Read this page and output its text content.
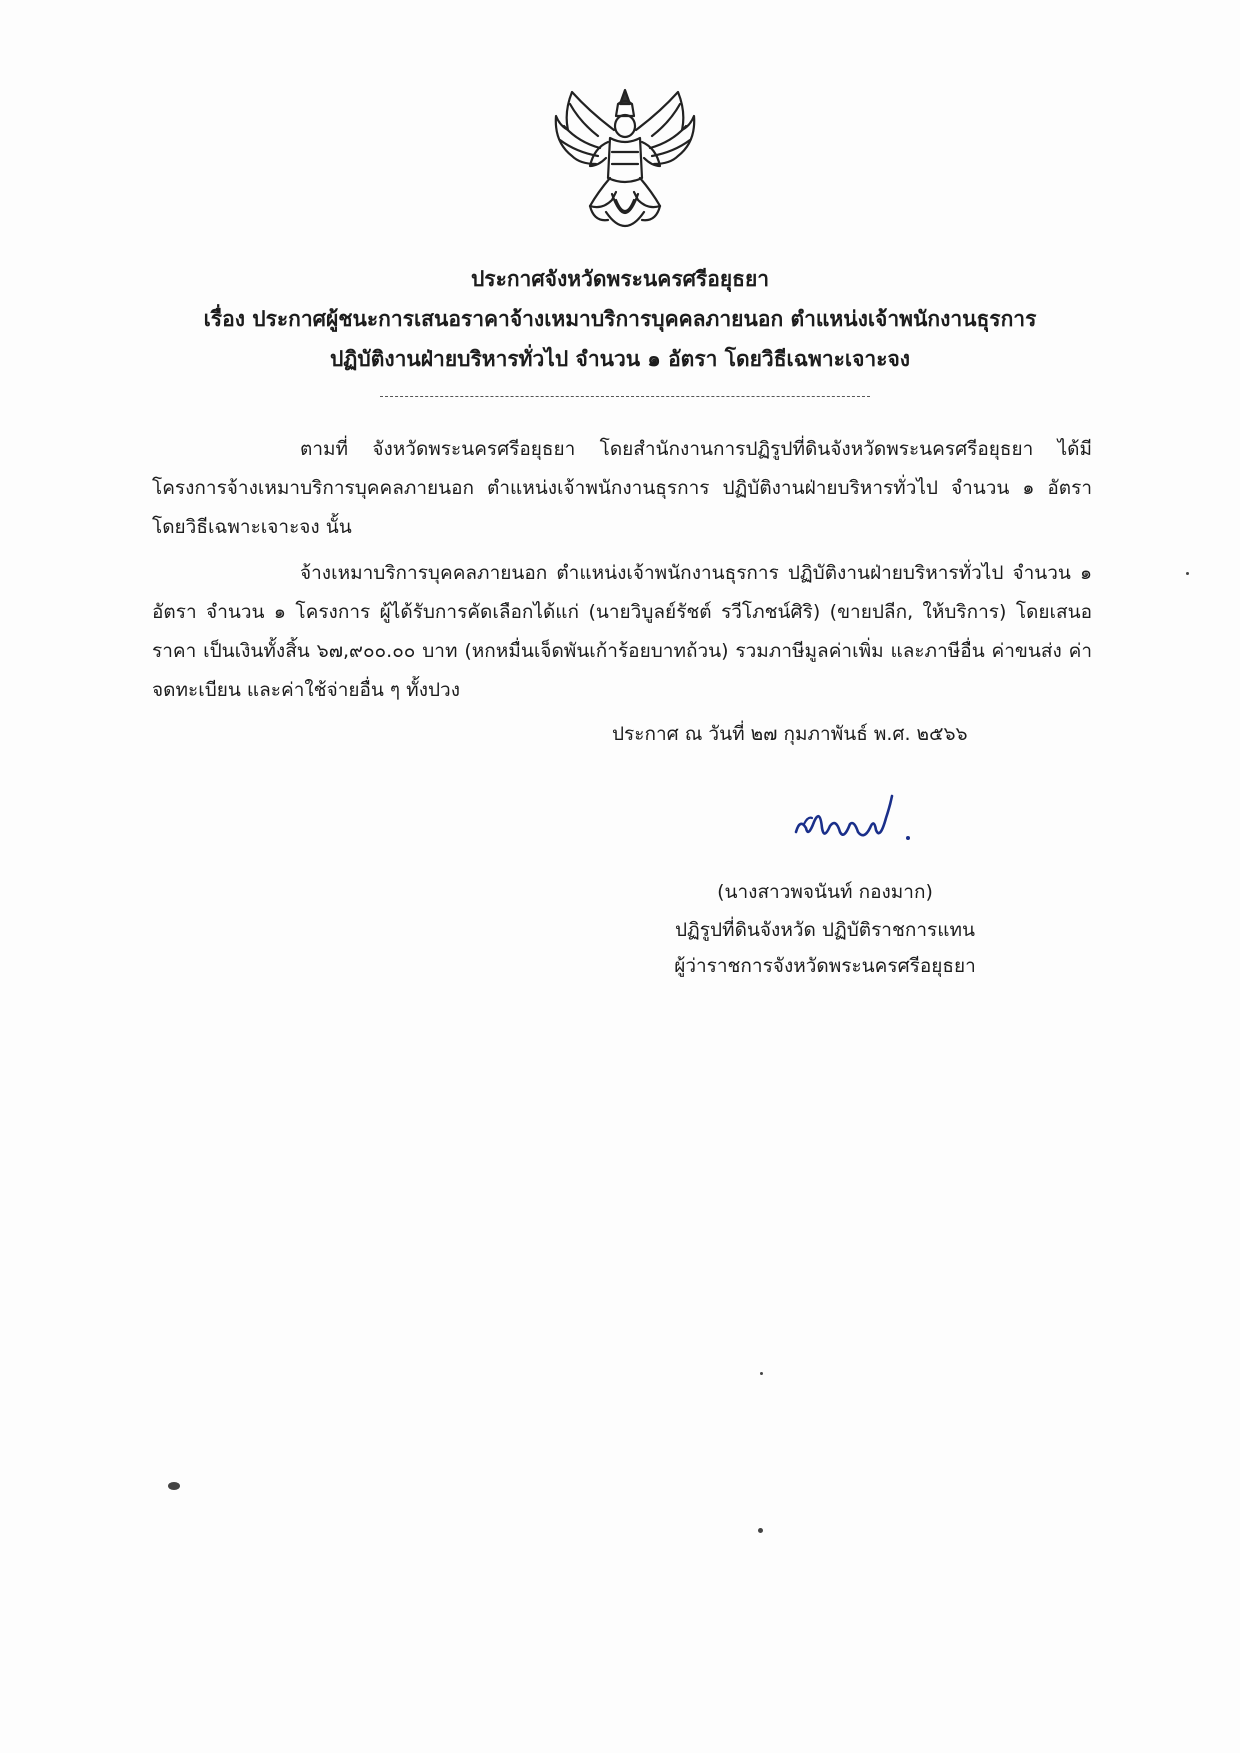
ประกาศจังหวัดพระนครศรีอยุธยา
เรื่อง ประกาศผู้ชนะการเสนอราคาจ้างเหมาบริการบุคคลภายนอก ตำแหน่งเจ้าพนักงานธุรการ
ปฏิบัติงานฝ่ายบริหารทั่วไป จำนวน ๑ อัตรา โดยวิธีเฉพาะเจาะจง
ตามที่ จังหวัดพระนครศรีอยุธยา โดยสำนักงานการปฏิรูปที่ดินจังหวัดพระนครศรีอยุธยา ได้มีโครงการจ้างเหมาบริการบุคคลภายนอก ตำแหน่งเจ้าพนักงานธุรการ ปฏิบัติงานฝ่ายบริหารทั่วไป จำนวน ๑ อัตรา โดยวิธีเฉพาะเจาะจง นั้น
จ้างเหมาบริการบุคคลภายนอก ตำแหน่งเจ้าพนักงานธุรการ ปฏิบัติงานฝ่ายบริหารทั่วไป จำนวน ๑ อัตรา จำนวน ๑ โครงการ ผู้ได้รับการคัดเลือกได้แก่ (นายวิบูลย์รัชต์ รวีโภชน์ศิริ) (ขายปลีก, ให้บริการ) โดยเสนอราคา เป็นเงินทั้งสิ้น ๖๗,๙๐๐.๐๐ บาท (หกหมื่นเจ็ดพันเก้าร้อยบาทถ้วน) รวมภาษีมูลค่าเพิ่ม และภาษีอื่น ค่าขนส่ง ค่าจดทะเบียน และค่าใช้จ่ายอื่น ๆ ทั้งปวง
ประกาศ ณ วันที่ ๒๗ กุมภาพันธ์ พ.ศ. ๒๕๖๖
(นางสาวพจนันท์ กองมาก)
ปฏิรูปที่ดินจังหวัด ปฏิบัติราชการแทน
ผู้ว่าราชการจังหวัดพระนครศรีอยุธยา
